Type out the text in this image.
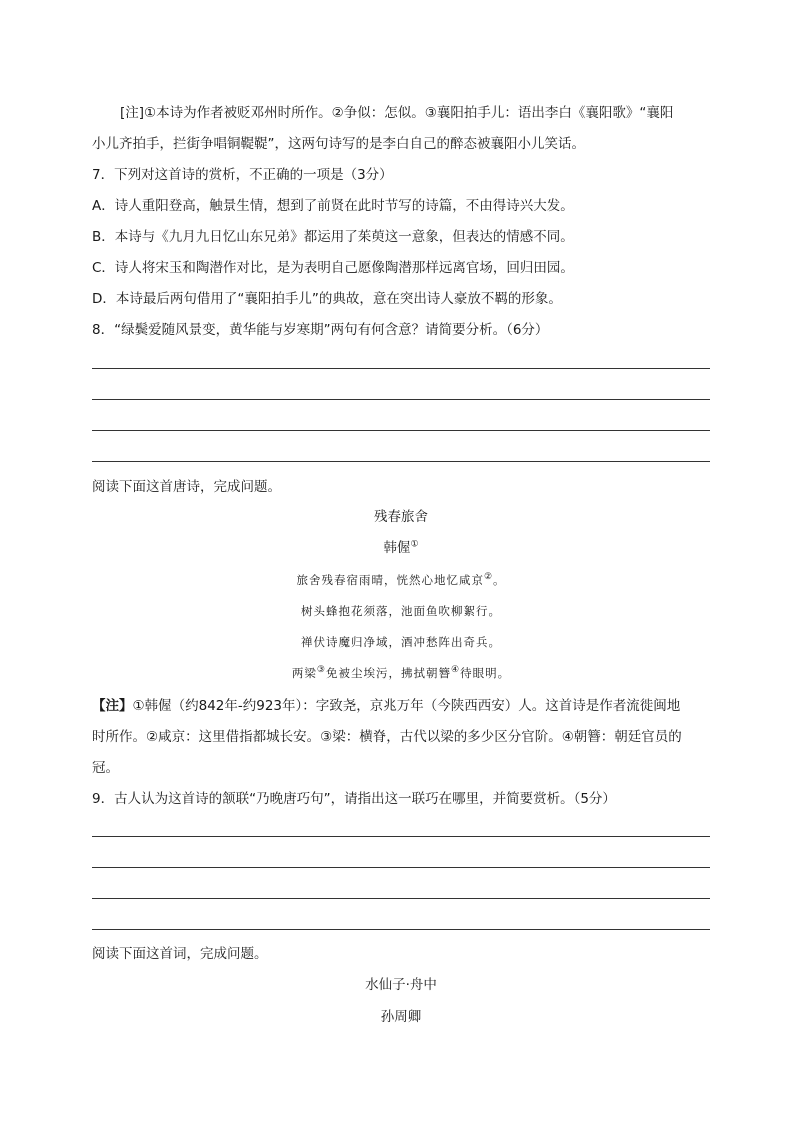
[注]①本诗为作者被贬邓州时所作。②争似：怎似。③襄阳拍手儿：语出李白《襄阳歌》“襄阳
小儿齐拍手，拦街争唱铜鞮鞮”，这两句诗写的是李白自己的醉态被襄阳小儿笑话。
7．下列对这首诗的赏析，不正确的一项是（3分）
A．诗人重阳登高，触景生情，想到了前贤在此时节写的诗篇，不由得诗兴大发。
B．本诗与《九月九日忆山东兄弟》都运用了茱萸这一意象，但表达的情感不同。
C．诗人将宋玉和陶潜作对比，是为表明自己愿像陶潜那样远离官场，回归田园。
D．本诗最后两句借用了“襄阳拍手儿”的典故，意在突出诗人豪放不羁的形象。
8．“绿鬓爱随风景变，黄华能与岁寒期”两句有何含意？请简要分析。（6分）
阅读下面这首唐诗，完成问题。
残春旅舍
韩偓①
旅舍残春宿雨晴，恍然心地忆咸京②。
树头蜂抱花须落，池面鱼吹柳絮行。
禅伏诗魔归净域，酒冲愁阵出奇兵。
两梁③免被尘埃污，拂拭朝簪④待眼明。
【注】①韩偓（约842年-约923年）：字致尧，京兆万年（今陕西西安）人。这首诗是作者流徙闽地
时所作。②咸京：这里借指都城长安。③梁：横脊，古代以梁的多少区分官阶。④朝簪：朝廷官员的
冠。
9．古人认为这首诗的颔联“乃晚唐巧句”，请指出这一联巧在哪里，并简要赏析。（5分）
阅读下面这首词，完成问题。
水仙子·舟中
孙周卿
